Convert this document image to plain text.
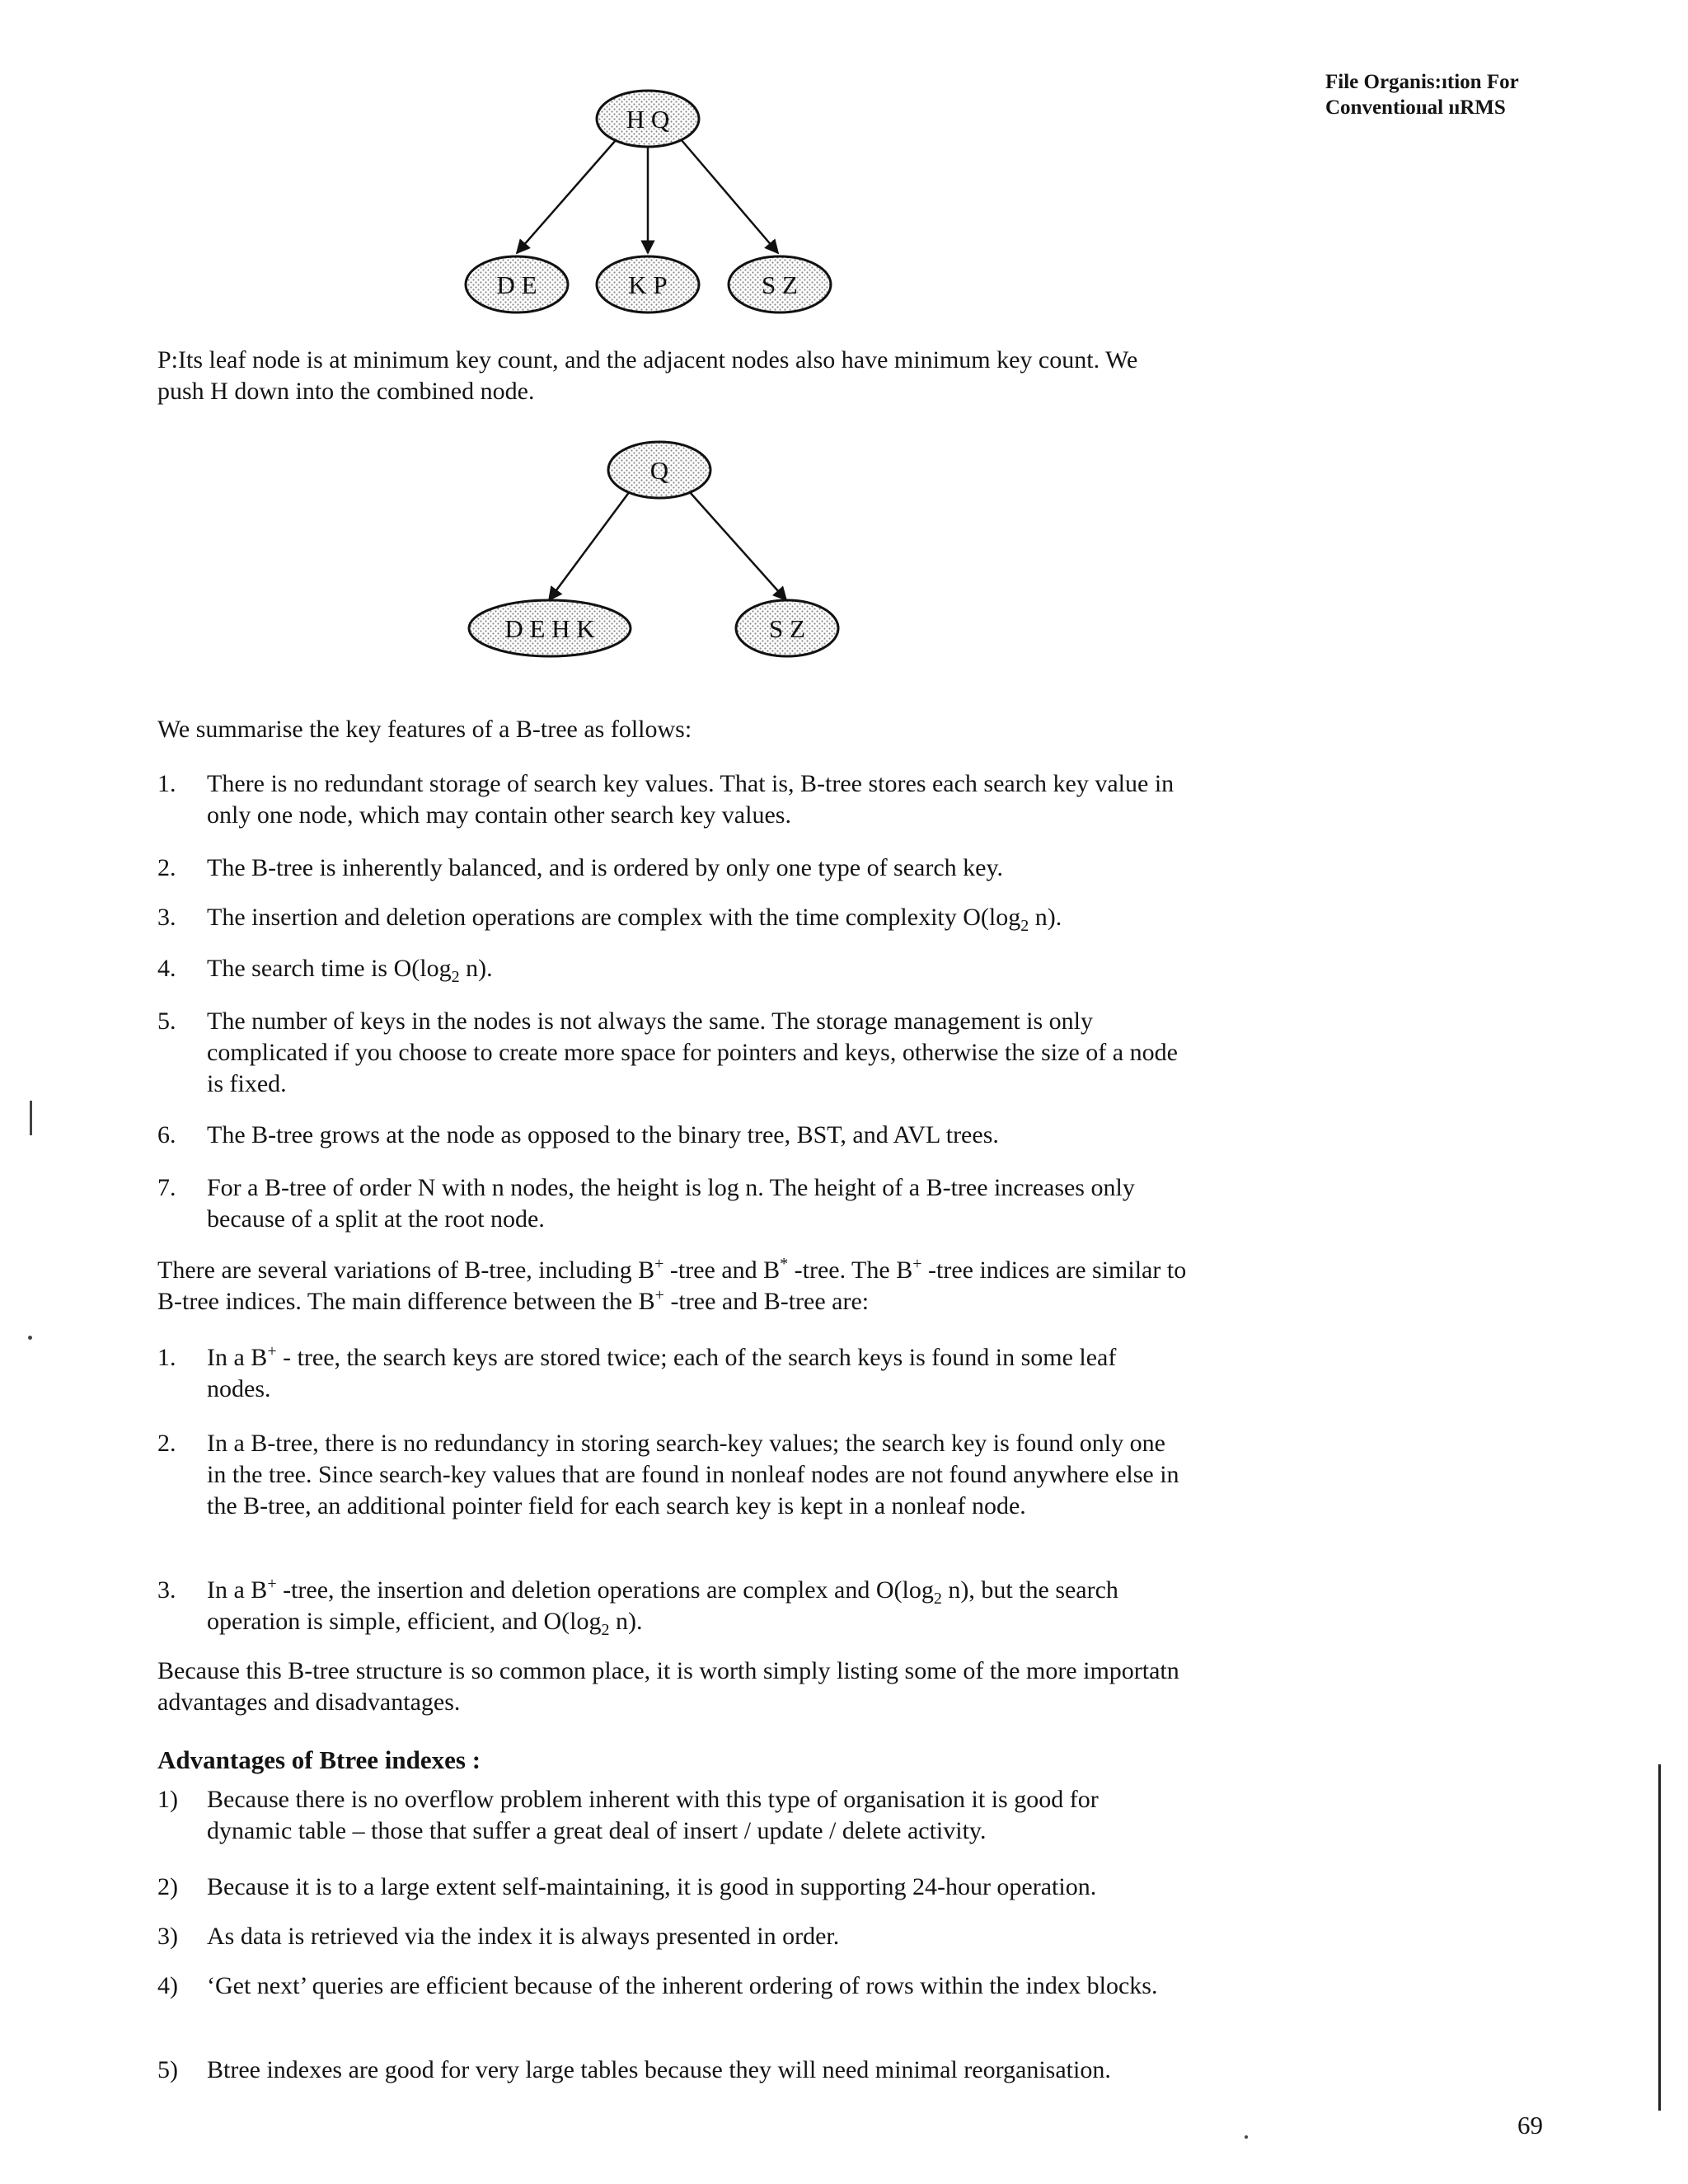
File Organis:ıtion For
Conventioııal ııRMS
H Q
D E	K P	S Z
P:Its leaf node is at minimum key count, and the adjacent nodes also have minimum key count. We push H down into the combined node.
Q
D E H K	S Z
We summarise the key features of a B-tree as follows:
1. There is no redundant storage of search key values. That is, B-tree stores each search key value in only one node, which may contain other search key values.
2. The B-tree is inherently balanced, and is ordered by only one type of search key.
3. The insertion and deletion operations are complex with the time complexity $O(\log_2$ n).
4. The search time is $O(\log_2$ n).
5. The number of keys in the nodes is not always the same. The storage management is only complicated if you choose to create more space for pointers and keys, otherwise the size of a node is fixed.
6. The B-tree grows at the node as opposed to the binary tree, BST, and AVL trees.
7. For a B-tree of order N with n nodes, the height is log n. The height of a B-tree increases only because of a split at the root node.
There are several variations of B-tree, including B+ -tree and B* -tree. The B+ -tree indices are similar to B-tree indices. The main difference between the B+ -tree and B-tree are:
1. In a B+ - tree, the search keys are stored twice; each of the search keys is found in some leaf nodes.
2. In a B-tree, there is no redundancy in storing search-key values; the search key is found only one in the tree. Since search-key values that are found in nonleaf nodes are not found anywhere else in the B-tree, an additional pointer field for each search key is kept in a nonleaf node.
3. In a B+ -tree, the insertion and deletion operations are complex and $O(\log_2$ n), but the search operation is simple, efficient, and $O(\log_2$ n).
Because this B-tree structure is so common place, it is worth simply listing some of the more importatn advantages and disadvantages.
Advantages of Btree indexes :
1) Because there is no overflow problem inherent with this type of organisation it is good for dynamic table – those that suffer a great deal of insert / update / delete activity.
2) Because it is to a large extent self-maintaining, it is good in supporting 24-hour operation.
3) As data is retrieved via the index it is always presented in order.
4) ‘Get next’ queries are efficient because of the inherent ordering of rows within the index blocks.
5) Btree indexes are good for very large tables because they will need minimal reorganisation.
69
